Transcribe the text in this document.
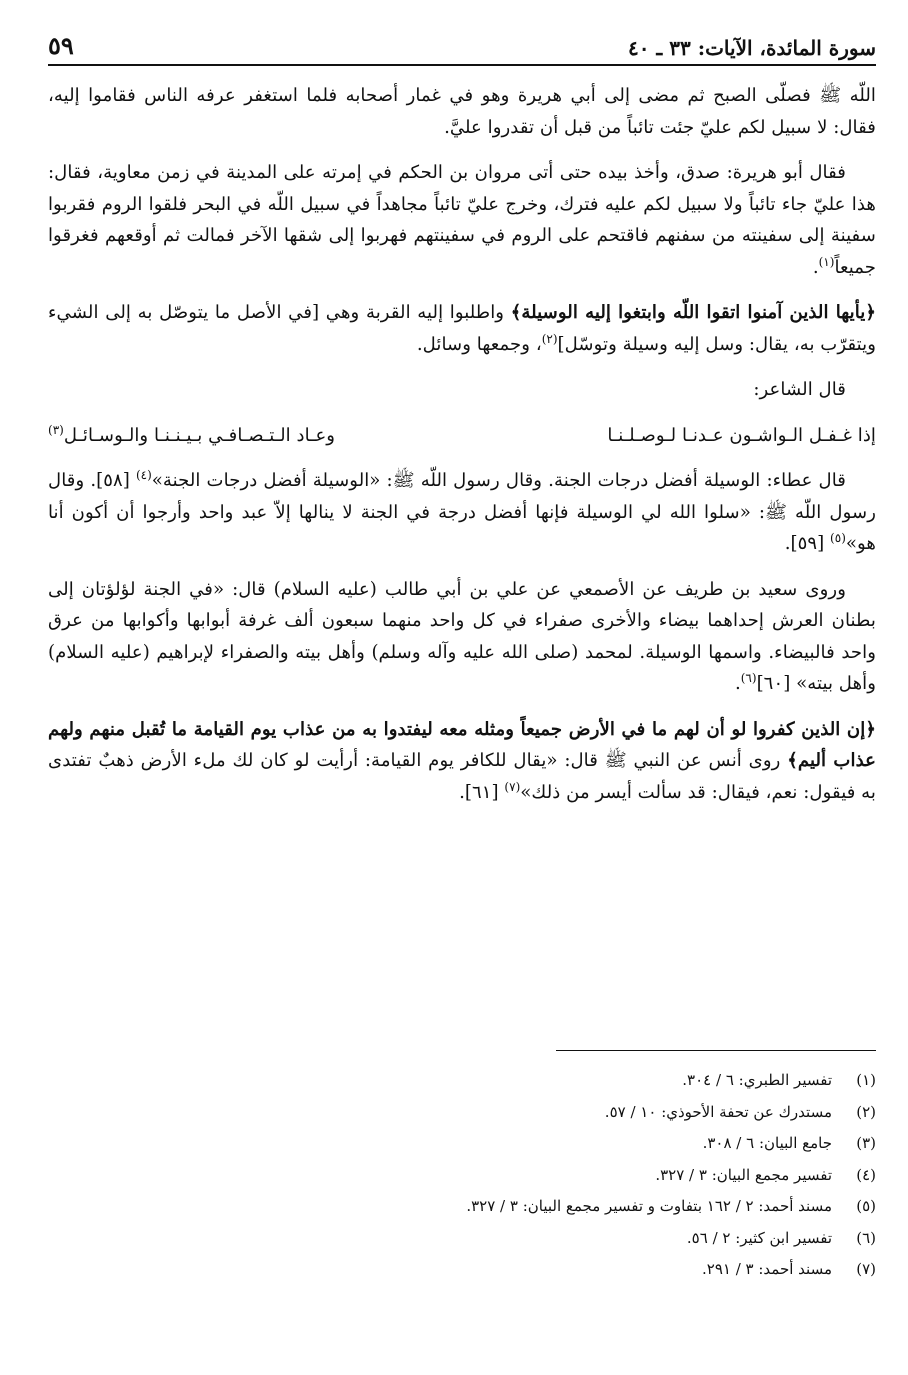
سورة المائدة، الآيات: ٣٣ ـ ٤٠
٥٩

اللّه ﷺ فصلّى الصبح ثم مضى إلى أبي هريرة وهو في غمار أصحابه فلما استغفر عرفه الناس فقاموا إليه، فقال: لا سبيل لكم عليّ جئت تائباً من قبل أن تقدروا عليَّ.

فقال أبو هريرة: صدق، وأخذ بيده حتى أتى مروان بن الحكم في إمرته على المدينة في زمن معاوية، فقال: هذا عليّ جاء تائباً ولا سبيل لكم عليه فترك، وخرج عليّ تائباً مجاهداً في سبيل اللّه في البحر فلقوا الروم فقربوا سفينة إلى سفينته من سفنهم فاقتحم على الروم في سفينتهم فهربوا إلى شقها الآخر فمالت ثم أوقعهم فغرقوا جميعاً$^{(١)}$.

﴿يأيها الذين آمنوا اتقوا اللّه وابتغوا إليه الوسيلة﴾ واطلبوا إليه القربة وهي [في الأصل ما يتوصّل به إلى الشيء ويتقرّب به، يقال: وسل إليه وسيلة وتوسّل]$^{(٢)}$، وجمعها وسائل.

قال الشاعر:

إذا غـفـل الـواشـون عـدنـا لـوصـلـنـا
وعـاد الـتـصـافـي بـيـنـنـا والـوسـائـل$^{(٣)}$

قال عطاء: الوسيلة أفضل درجات الجنة. وقال رسول اللّه ﷺ: «الوسيلة أفضل درجات الجنة»$^{(٤)}$ [٥٨]. وقال رسول اللّه ﷺ: «سلوا الله لي الوسيلة فإنها أفضل درجة في الجنة لا ينالها إلاّ عبد واحد وأرجوا أن أكون أنا هو»$^{(٥)}$ [٥٩].

وروى سعيد بن طريف عن الأصمعي عن علي بن أبي طالب (عليه السلام) قال: «في الجنة لؤلؤتان إلى بطنان العرش إحداهما بيضاء والأخرى صفراء في كل واحد منهما سبعون ألف غرفة أبوابها وأكوابها من عرق واحد فالبيضاء. واسمها الوسيلة. لمحمد (صلى الله عليه وآله وسلم) وأهل بيته والصفراء لإبراهيم (عليه السلام) وأهل بيته» [٦٠]$^{(٦)}$.

﴿إن الذين كفروا لو أن لهم ما في الأرض جميعاً ومثله معه ليفتدوا به من عذاب يوم القيامة ما تُقبل منهم ولهم عذاب أليم﴾ روى أنس عن النبي ﷺ قال: «يقال للكافر يوم القيامة: أرأيت لو كان لك ملء الأرض ذهبٌ تفتدى به فيقول: نعم، فيقال: قد سألت أيسر من ذلك»$^{(٧)}$ [٦١].

(١)
تفسير الطبري: ٦ / ٣٠٤.
(٢)
مستدرك عن تحفة الأحوذي: ١٠ / ٥٧.
(٣)
جامع البيان: ٦ / ٣٠٨.
(٤)
تفسير مجمع البيان: ٣ / ٣٢٧.
(٥)
مسند أحمد: ٢ / ١٦٢ بتفاوت و تفسير مجمع البيان: ٣ / ٣٢٧.
(٦)
تفسير ابن كثير: ٢ / ٥٦.
(٧)
مسند أحمد: ٣ / ٢٩١.
